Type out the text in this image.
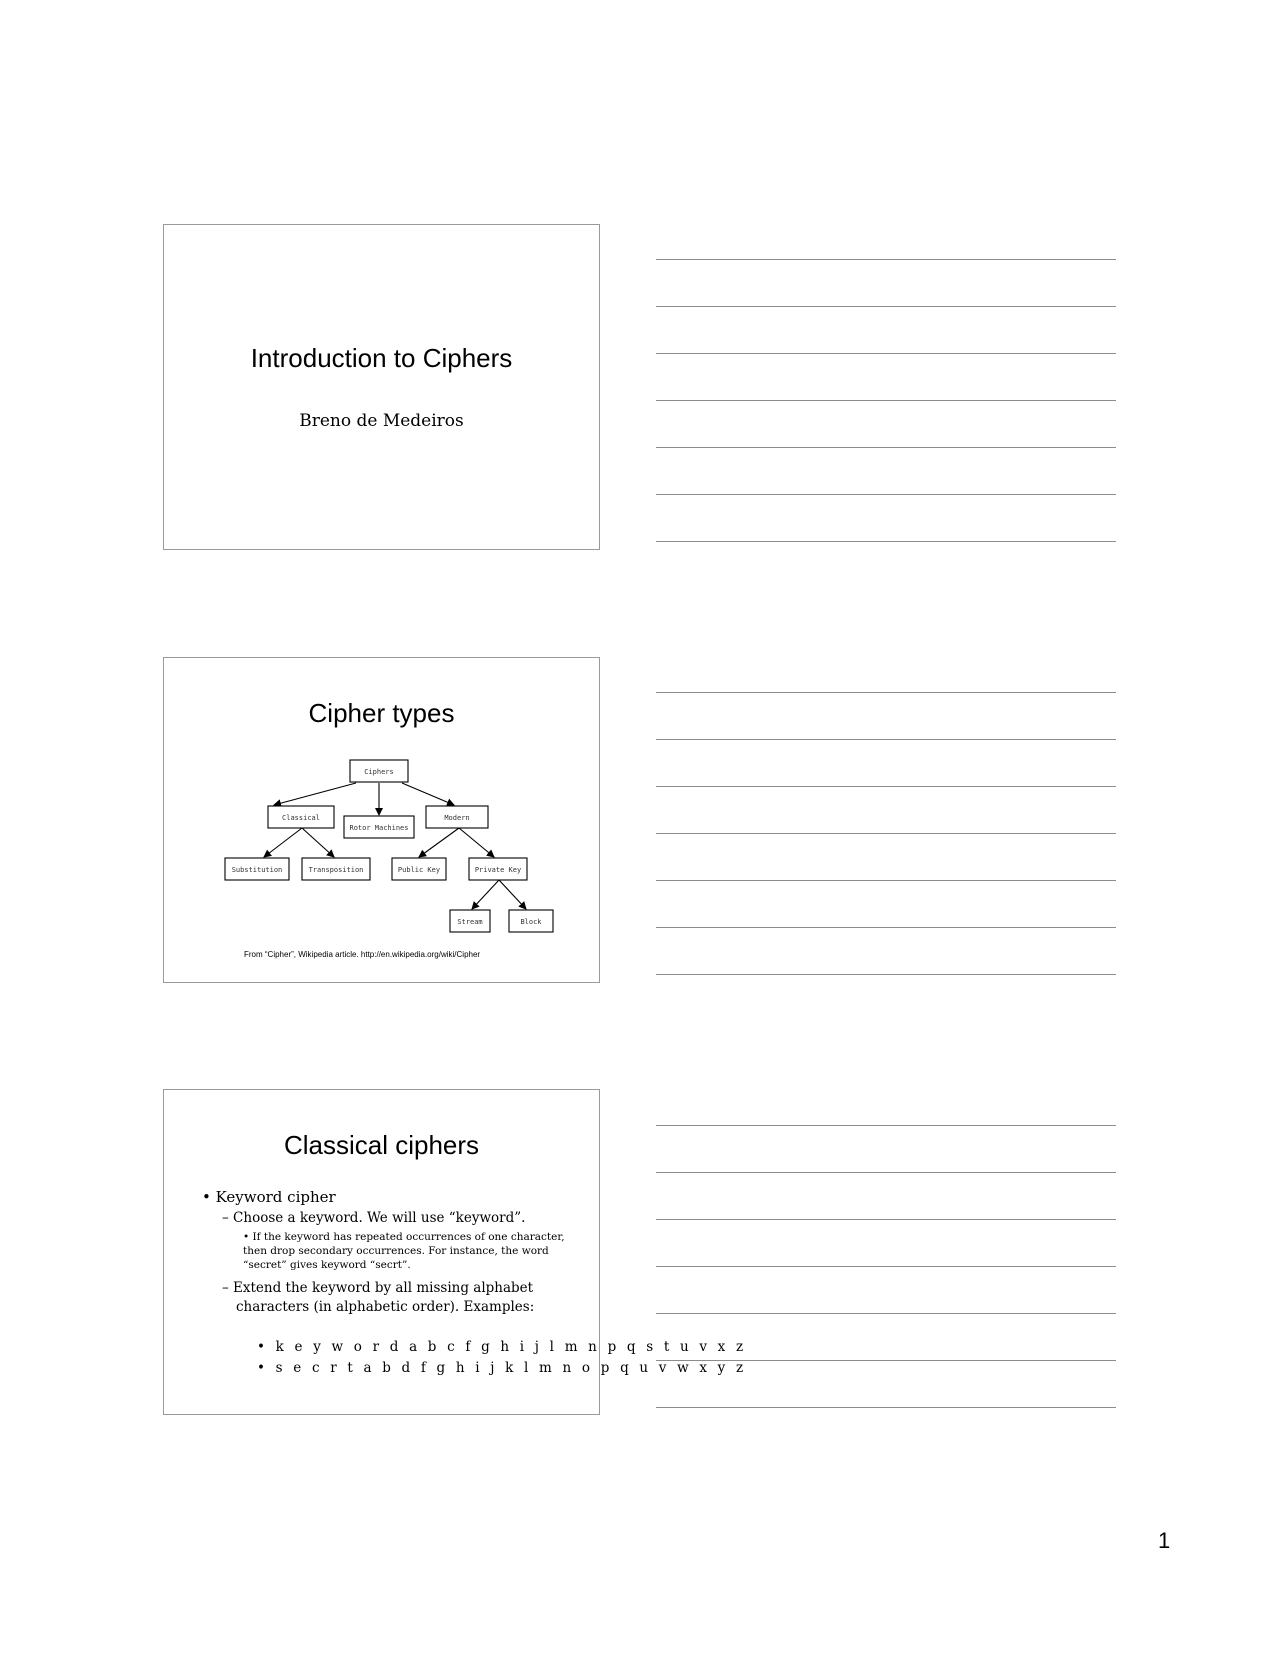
Introduction to Ciphers

Breno de Medeiros

Cipher types
Ciphers
Classical
Rotor Machines
Modern
Substitution	Transposition	Public Key	Private Key
Stream	Block
From “Cipher”, Wikipedia article. http://en.wikipedia.org/wiki/Cipher
Classical ciphers
• Keyword cipher
– Choose a keyword. We will use “keyword”.
• If the keyword has repeated occurrences of one character, then drop secondary occurrences. For instance, the word “secret” gives keyword “secrt”.
– Extend the keyword by all missing alphabet
characters (in alphabetic order). Examples:
• k e y w o r d a b c f g h i j l m n p q s t u v x z
• s e c r t a b d f g h i j k l m n o p q u v w x y z
1
